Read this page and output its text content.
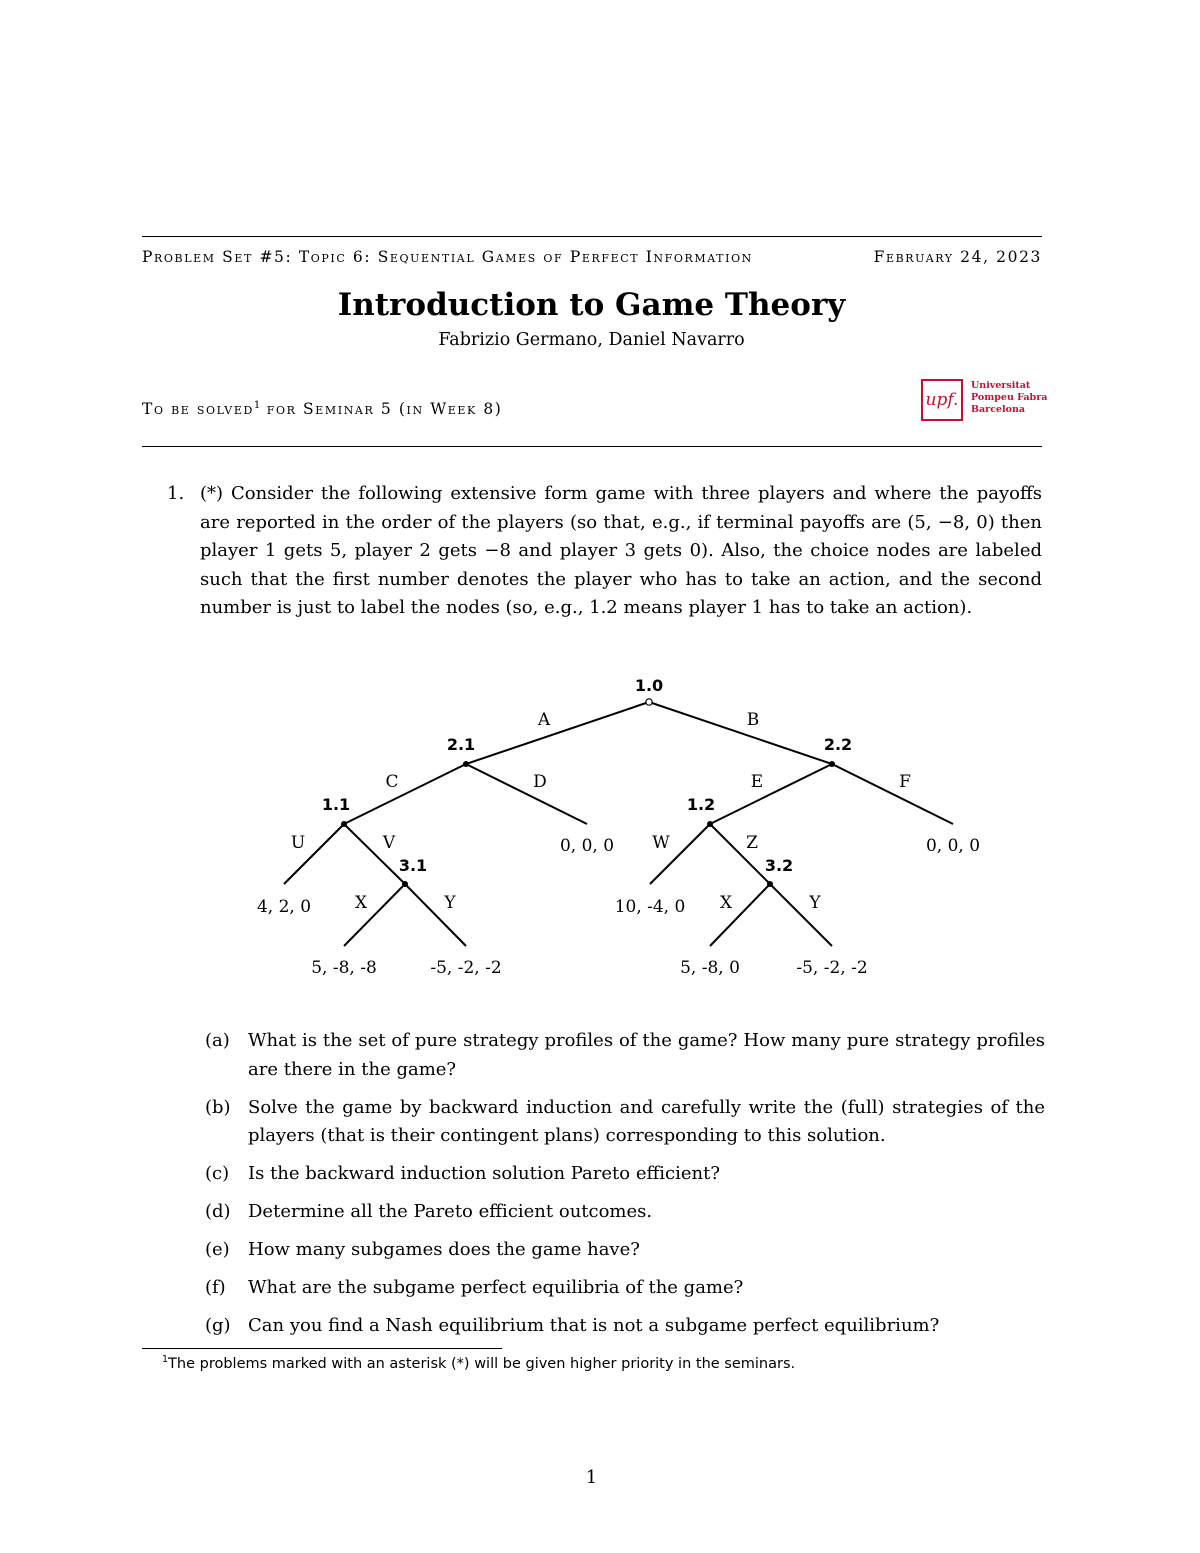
Problem Set #5: Topic 6: Sequential Games of Perfect Information	February 24, 2023
Introduction to Game Theory
Fabrizio Germano, Daniel Navarro
To be solved$^1$ for Seminar 5 (in Week 8)	upf.
Universitat
Pompeu Fabra
Barcelona
1. (*) Consider the following extensive form game with three players and where the payoffs are reported in the order of the players (so that, e.g., if terminal payoffs are (5, −8, 0) then player 1 gets 5, player 2 gets −8 and player 3 gets 0). Also, the choice nodes are labeled such that the first number denotes the player who has to take an action, and the second number is just to label the nodes (so, e.g., 1.2 means player 1 has to take an action).
1.0
2.1	2.2
1.1	1.2
3.1	3.2
A	B
C	D	E	F
U	V	W	Z
X	Y	X	Y
4, 2, 0
0, 0, 0
5, -8, -8	-5, -2, -2
10, -4, 0
0, 0, 0
5, -8, 0	-5, -2, -2
(a) What is the set of pure strategy profiles of the game? How many pure strategy profiles are there in the game?
(b) Solve the game by backward induction and carefully write the (full) strategies of the players (that is their contingent plans) corresponding to this solution.
(c) Is the backward induction solution Pareto efficient?
(d) Determine all the Pareto efficient outcomes.
(e) How many subgames does the game have?
(f) What are the subgame perfect equilibria of the game?
(g) Can you find a Nash equilibrium that is not a subgame perfect equilibrium?
$^1$The problems marked with an asterisk (*) will be given higher priority in the seminars.
1
